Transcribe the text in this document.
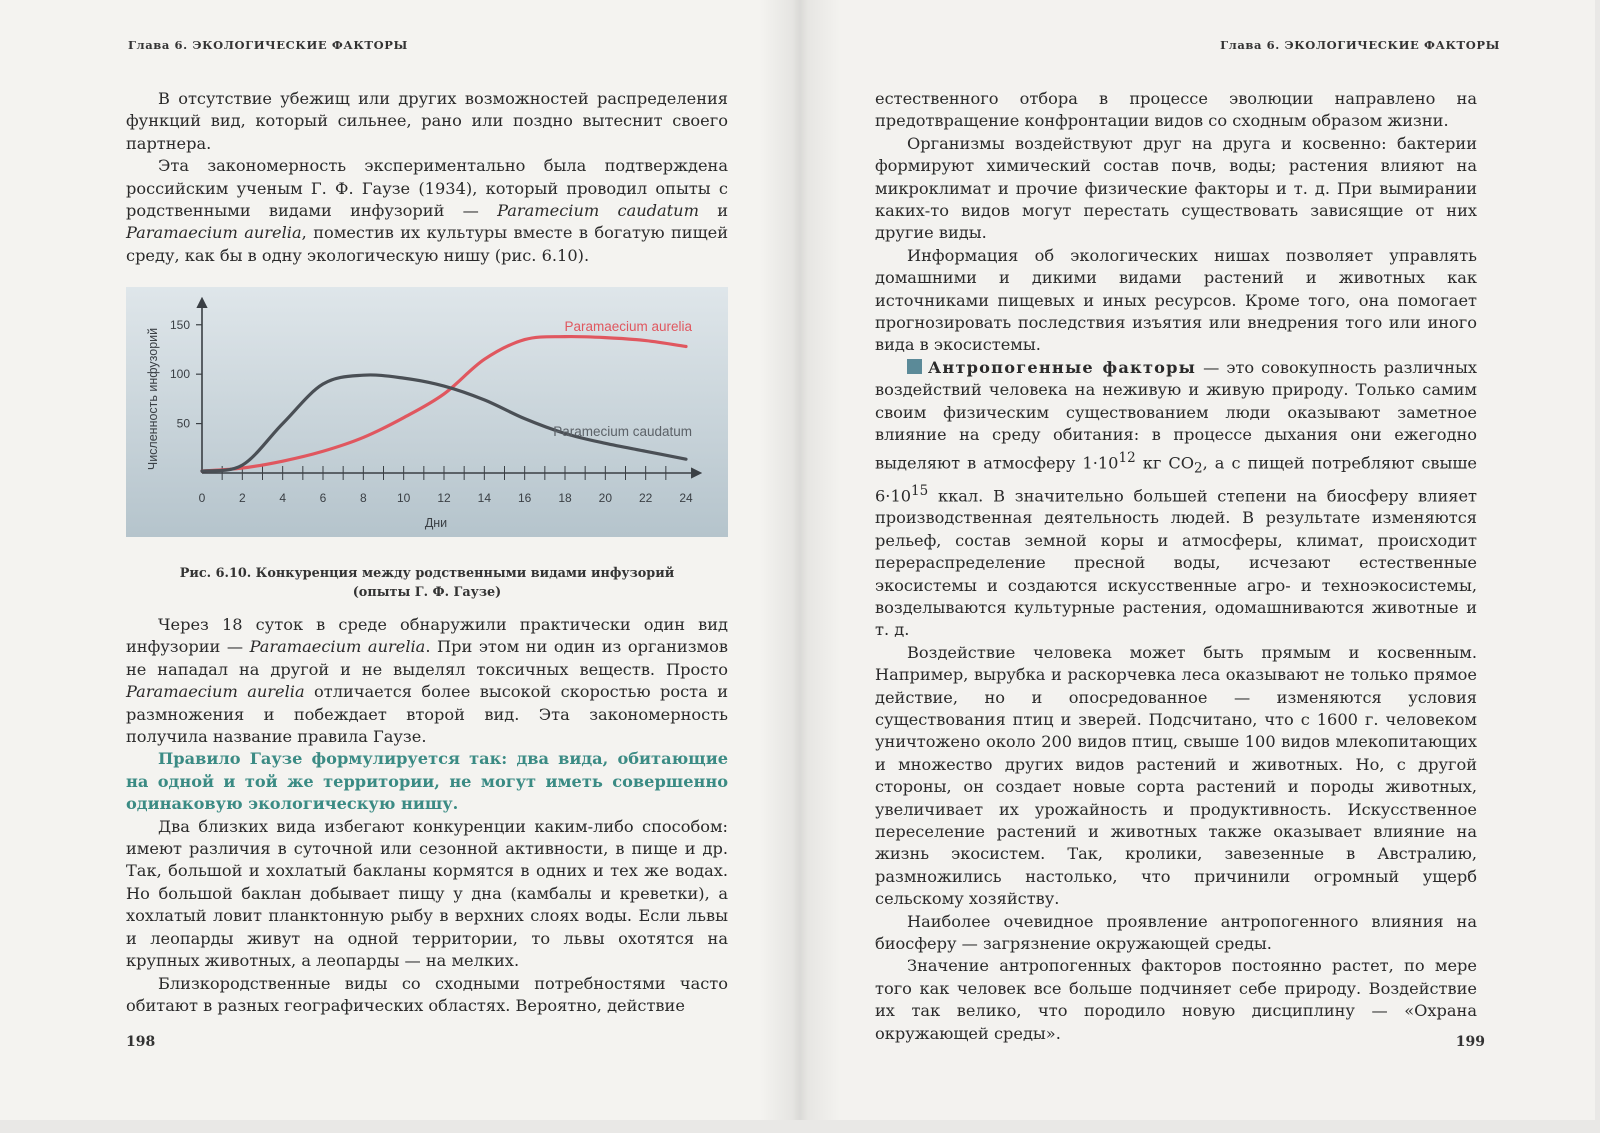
Глава 6. ЭКОЛОГИЧЕСКИЕ ФАКТОРЫ

В отсутствие убежищ или других возможностей распределения функций вид, который сильнее, рано или поздно вытеснит своего партнера.

Эта закономерность экспериментально была подтверждена российским ученым Г. Ф. Гаузе (1934), который проводил опыты с родственными видами инфузорий — Paramecium caudatum и Paramaecium aurelia, поместив их культуры вместе в богатую пищей среду, как бы в одну экологическую нишу (рис. 6.10).

0	2	4	6	8	10 12 14 16 18 20 22 24
50
100
150
Дни
Численность инфузорий
Paramaecium aurelia
Paramecium caudatum
Рис. 6.10. Конкуренция между родственными видами инфузорий
(опыты Г. Ф. Гаузе)

Через 18 суток в среде обнаружили практически один вид инфузории — Paramaecium aurelia. При этом ни один из организмов не нападал на другой и не выделял токсичных веществ. Просто Paramaecium aurelia отличается более высокой скоростью роста и размножения и побеждает второй вид. Эта закономерность получила название правила Гаузе.

Правило Гаузе формулируется так: два вида, обитающие на одной и той же территории, не могут иметь совершенно одинаковую экологическую нишу.

Два близких вида избегают конкуренции каким-либо способом: имеют различия в суточной или сезонной активности, в пище и др. Так, большой и хохлатый бакланы кормятся в одних и тех же водах. Но большой баклан добывает пищу у дна (камбалы и креветки), а хохлатый ловит планктонную рыбу в верхних слоях воды. Если львы и леопарды живут на одной территории, то львы охотятся на крупных животных, а леопарды — на мелких.

Близкородственные виды со сходными потребностями часто обитают в разных географических областях. Вероятно, действие

198
Глава 6. ЭКОЛОГИЧЕСКИЕ ФАКТОРЫ

естественного отбора в процессе эволюции направлено на предотвращение конфронтации видов со сходным образом жизни.

Организмы воздействуют друг на друга и косвенно: бактерии формируют химический состав почв, воды; растения влияют на микроклимат и прочие физические факторы и т. д. При вымирании каких-то видов могут перестать существовать зависящие от них другие виды.

Информация об экологических нишах позволяет управлять домашними и дикими видами растений и животных как источниками пищевых и иных ресурсов. Кроме того, она помогает прогнозировать последствия изъятия или внедрения того или иного вида в экосистемы.

Антропогенные факторы — это совокупность различных воздействий человека на неживую и живую природу. Только самим своим физическим существованием люди оказывают заметное влияние на среду обитания: в процессе дыхания они ежегодно выделяют в атмосферу $1\cdot 10^{12}$ кг $CO_2$, а с пищей потребляют свыше $6\cdot 10^{15}$ ккал. В значительно большей степени на биосферу влияет производственная деятельность людей. В результате изменяются рельеф, состав земной коры и атмосферы, климат, происходит перераспределение пресной воды, исчезают естественные экосистемы и создаются искусственные агро- и техноэкосистемы, возделываются культурные растения, одомашниваются животные и т. д.

Воздействие человека может быть прямым и косвенным. Например, вырубка и раскорчевка леса оказывают не только прямое действие, но и опосредованное — изменяются условия существования птиц и зверей. Подсчитано, что с 1600 г. человеком уничтожено около 200 видов птиц, свыше 100 видов млекопитающих и множество других видов растений и животных. Но, с другой стороны, он создает новые сорта растений и породы животных, увеличивает их урожайность и продуктивность. Искусственное переселение растений и животных также оказывает влияние на жизнь экосистем. Так, кролики, завезенные в Австралию, размножились настолько, что причинили огромный ущерб сельскому хозяйству.

Наиболее очевидное проявление антропогенного влияния на биосферу — загрязнение окружающей среды.

Значение антропогенных факторов постоянно растет, по мере того как человек все больше подчиняет себе природу. Воздействие их так велико, что породило новую дисциплину — «Охрана окружающей среды».	199
